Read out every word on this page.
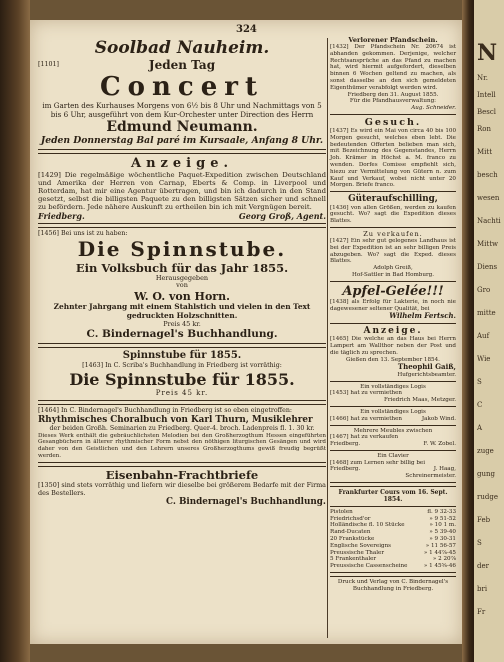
N
Nr.
Intell
Bescl
Ron
Mitt
besch
wesen
Nachti
Mittw
Diens
Gro
mitte
Auf
Wie
S
C
A
zuge
gung
rudge
Feb
S
der
bri
Fr
324
Soolbad Nauheim.
[1101]	Jeden Tag
Concert
im Garten des Kurhauses Morgens von 6½ bis 8 Uhr und Nachmittags von 5 bis 6 Uhr, ausgeführt von dem Kur-Orchester unter Direction des Herrn
Edmund Neumann.
Jeden Donnerstag Bal paré im Kursaale, Anfang 8 Uhr.
Anzeige.
[1429] Die regelmäßige wöchentliche Paquet-Expedition zwischen Deutschland und Amerika der Herren von Carnap, Eberts & Comp. in Liverpool und Rotterdam, hat mir eine Agentur übertragen, und bin ich dadurch in den Stand gesetzt, selbst die billigsten Paquete zu den billigsten Sätzen sicher und schnell zu befördern. Jede nähere Auskunft zu ertheilen bin ich mit Vergnügen bereit.
Friedberg.	Georg Groß, Agent.
[1456] Bei uns ist zu haben:
Die Spinnstube.
Ein Volksbuch für das Jahr 1855.
Herausgegeben
von
W. O. von Horn.
Zehnter Jahrgang mit einem Stahlstich und vielen in den Text gedruckten Holzschnitten.
Preis 45 kr.
C. Bindernagel's Buchhandlung.
Spinnstube für 1855.
[1463] In C. Scriba's Buchhandlung in Friedberg ist vorräthig:
Die Spinnstube für 1855.
Preis 45 kr.
[1464] In C. Bindernagel's Buchhandlung in Friedberg ist so eben eingetroffen:
Rhythmisches Choralbuch von Karl Thurn, Musiklehrer
der beiden Großh. Seminarien zu Friedberg. Quer-4. broch. Ladenpreis fl. 1. 30 kr.
Dieses Werk enthält die gebräuchlichsten Melodien bei den Großherzogthum Hessen eingeführten Gesangbüchern in älterer rhythmischer Form nebst den nöthigen liturgischen Gesängen und wird daher von den Geistlichen und den Lehrern unseres Großherzogthums gewiß freudig begrüßt werden.
Eisenbahn-Frachtbriefe
[1350] sind stets vorräthig und liefern wir dieselbe bei größerem Bedarfe mit der Firma des Bestellers.
C. Bindernagel's Buchhandlung.
Verlorener Pfandschein.
[1432] Der Pfandschein Nr. 20674 ist abhanden gekommen. Derjenige, welcher Rechtsansprüche an das Pfand zu machen hat, wird hiermit aufgefordert, dieselben binnen 6 Wochen geltend zu machen, als sonst dasselbe an den sich gemeldeten Eigenthümer verabfolgt werden wird.
Friedberg den 31. August 1855.
Für die Pfandhausverwaltung:
Aug. Schneider.
Gesuch.
[1437] Es wird ein Mai von circa 40 bis 100 Morgen gesucht, welches eben lebt. Die bedeutenden Offerten belieben man sich, mit Bezeichnung des Gegenstandes, Herrn Joh. Krämer in Höchst a. M. franco zu wenden. Dorfes Comisse empfiehlt sich, hiezu zur Vermittelung von Gütern n. zum Kauf und Verkauf, wobei nicht unter 20 Morgen. Briefe franco.
Güteraufschilling,
[1436] von allen Größen, werden zu kaufen gesucht. Wo? sagt die Expedition dieses Blattes.
Zu verkaufen.
[1427] Ein sehr gut gelegenes Landhaus ist bei der Expedition ist an sehr billigen Preis abzugeben. Wo? sagt die Exped. dieses Blattes.
Adolph Greiß,
Hof-Sattler in Bad Homburg.
Apfel-Gelée!!!
[1438] als Erfolg für Lakterie, in noch nie dagewesener seltener Qualität, bei
Wilhelm Fertsch.
Anzeige.
[1465] Die welche an das Haus bei Herrn Lampert am Wallthor neben der Post und die täglich zu sprechen.
Gießen den 13. September 1854.
Theophil Gaiß,
Hufgerichtsbeamter.
Ein vollständiges Logis
[1453] hat zu vermiethen
Friedrich Maas, Metzger.
Ein vollständiges Logis
[1466] hat zu vermiethen	Jakob Wind.
Mehrere Meubles zwischen
[1467] hat zu verkaufen
Friedberg.	F. W. Zobel.
Ein Clavier
[1468] zum Lernen sehr billig bei
Friedberg.	J. Haag,
Schreinermeister.
Frankfurter Cours vom 16. Sept. 1854.
Pistolen	fl. 9 32-33
Friedrichsd'or	» 9 51-52
Holländische fl. 10 Stücke	» 10 1 m.
Rand-Ducaten	» 5 39-40
20 Frankstücke	» 9 30-31
Englische Sovereigns	» 11 56-57
Preussische Thaler	» 1 44⅞-45
5 Frankenthaler	» 2 20⅞
Preussische Cassenscheine	» 1 45⅜-46
Druck und Verlag von C. Bindernagel's Buchhandlung in Friedberg.
